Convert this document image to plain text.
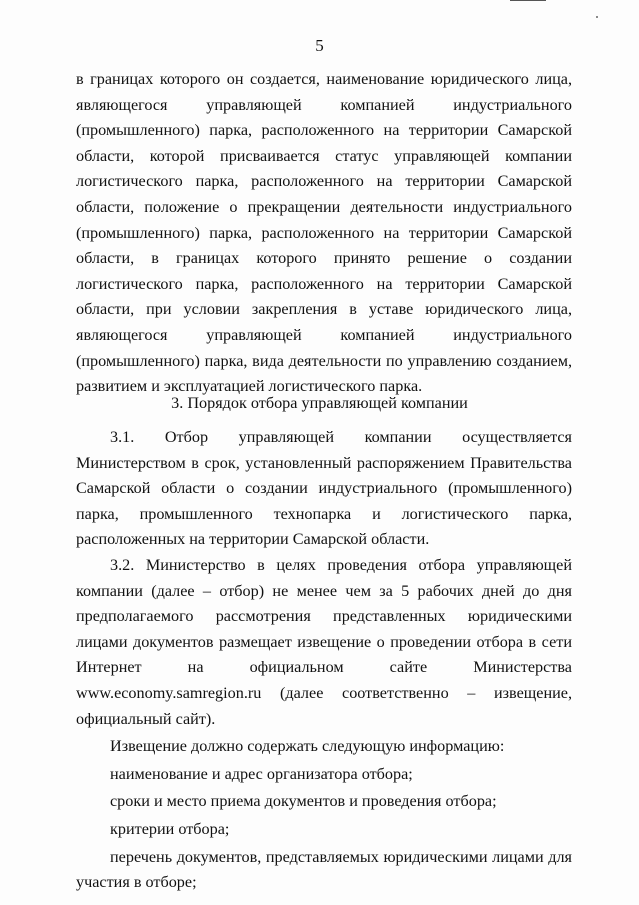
5

в границах которого он создается, наименование юридического лица, являющегося управляющей компанией индустриального (промышленного) парка, расположенного на территории Самарской области, которой присваивается статус управляющей компании логистического парка, расположенного на территории Самарской области, положение о прекращении деятельности индустриального (промышленного) парка, расположенного на территории Самарской области, в границах которого принято решение о создании логистического парка, расположенного на территории Самарской области, при условии закрепления в уставе юридического лица, являющегося управляющей компанией индустриального (промышленного) парка, вида деятельности по управлению созданием, развитием и эксплуатацией логистического парка.

3. Порядок отбора управляющей компании

3.1. Отбор управляющей компании осуществляется Министерством в срок, установленный распоряжением Правительства Самарской области о создании индустриального (промышленного) парка, промышленного технопарка и логистического парка, расположенных на территории Самарской области.

3.2. Министерство в целях проведения отбора управляющей компании (далее – отбор) не менее чем за 5 рабочих дней до дня предполагаемого рассмотрения представленных юридическими лицами документов размещает извещение о проведении отбора в сети Интернет на официальном сайте Министерства www.economy.samregion.ru (далее соответственно – извещение, официальный сайт).

Извещение должно содержать следующую информацию:

наименование и адрес организатора отбора;

сроки и место приема документов и проведения отбора;

критерии отбора;

перечень документов, представляемых юридическими лицами для участия в отборе;
